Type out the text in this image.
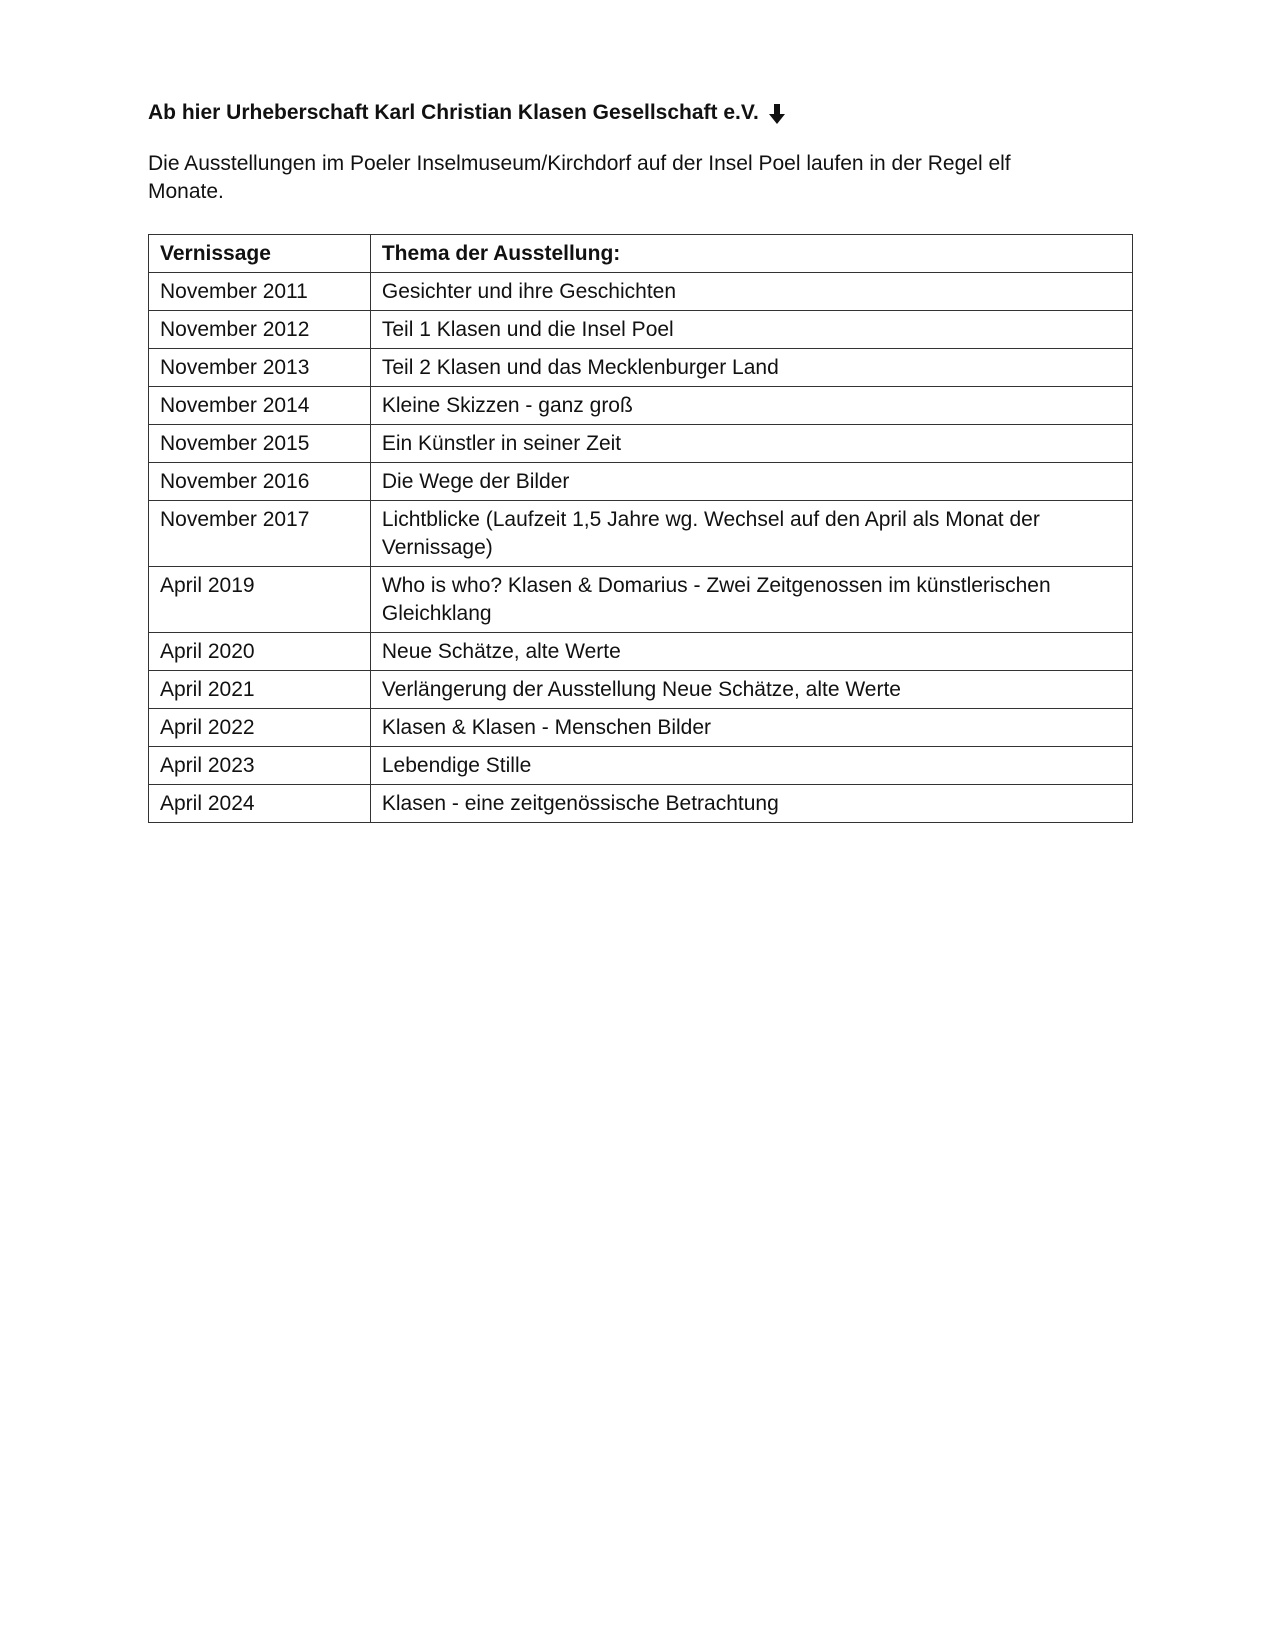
Ab hier Urheberschaft Karl Christian Klasen Gesellschaft e.V.

Die Ausstellungen im Poeler Inselmuseum/Kirchdorf auf der Insel Poel laufen in der Regel elf Monate.

Vernissage	Thema der Ausstellung:
November 2011	Gesichter und ihre Geschichten
November 2012	Teil 1 Klasen und die Insel Poel
November 2013	Teil 2 Klasen und das Mecklenburger Land
November 2014	Kleine Skizzen - ganz groß
November 2015	Ein Künstler in seiner Zeit
November 2016	Die Wege der Bilder
November 2017	Lichtblicke (Laufzeit 1,5 Jahre wg. Wechsel auf den April als Monat der Vernissage)
April 2019	Who is who? Klasen & Domarius - Zwei Zeitgenossen im künstlerischen Gleichklang
April 2020	Neue Schätze, alte Werte
April 2021	Verlängerung der Ausstellung Neue Schätze, alte Werte
April 2022	Klasen & Klasen - Menschen Bilder
April 2023	Lebendige Stille
April 2024	Klasen - eine zeitgenössische Betrachtung
